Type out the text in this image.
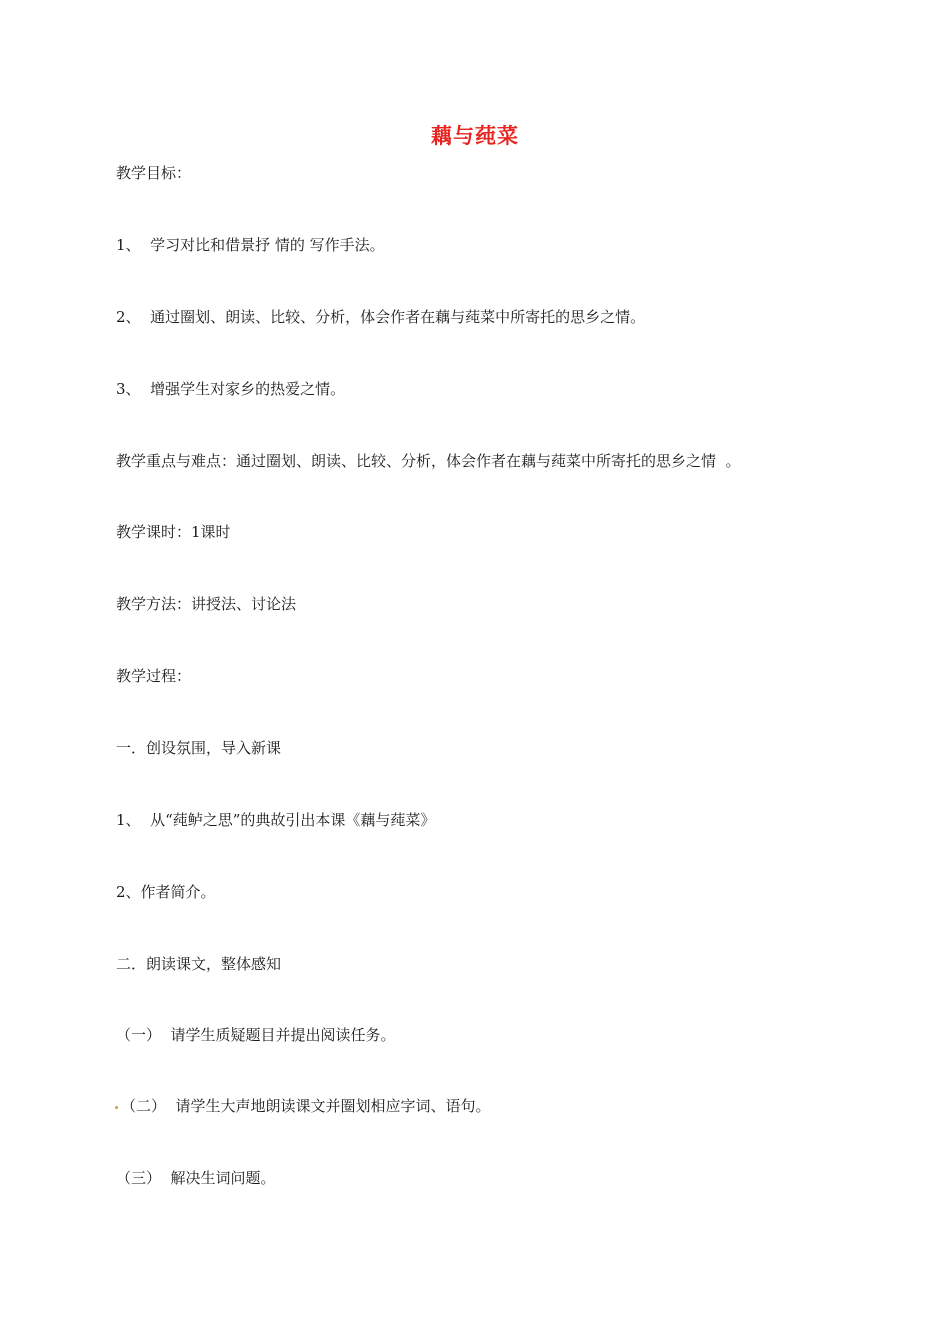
藕与莼菜
教学目标：
1、  学习对比和借景抒 情的 写作手法。
2、  通过圈划、朗读、比较、分析，体会作者在藕与莼菜中所寄托的思乡之情。
3、  增强学生对家乡的热爱之情。
教学重点与难点：通过圈划、朗读、比较、分析，体会作者在藕与莼菜中所寄托的思乡之情  。
教学课时：1课时
教学方法：讲授法、讨论法
教学过程：
一．创设氛围，导入新课
1、  从“莼鲈之思”的典故引出本课《藕与莼菜》
2、作者简介。
二．朗读课文，整体感知
（一）  请学生质疑题目并提出阅读任务。
（二）  请学生大声地朗读课文并圈划相应字词、语句。
（三）  解决生词问题。
